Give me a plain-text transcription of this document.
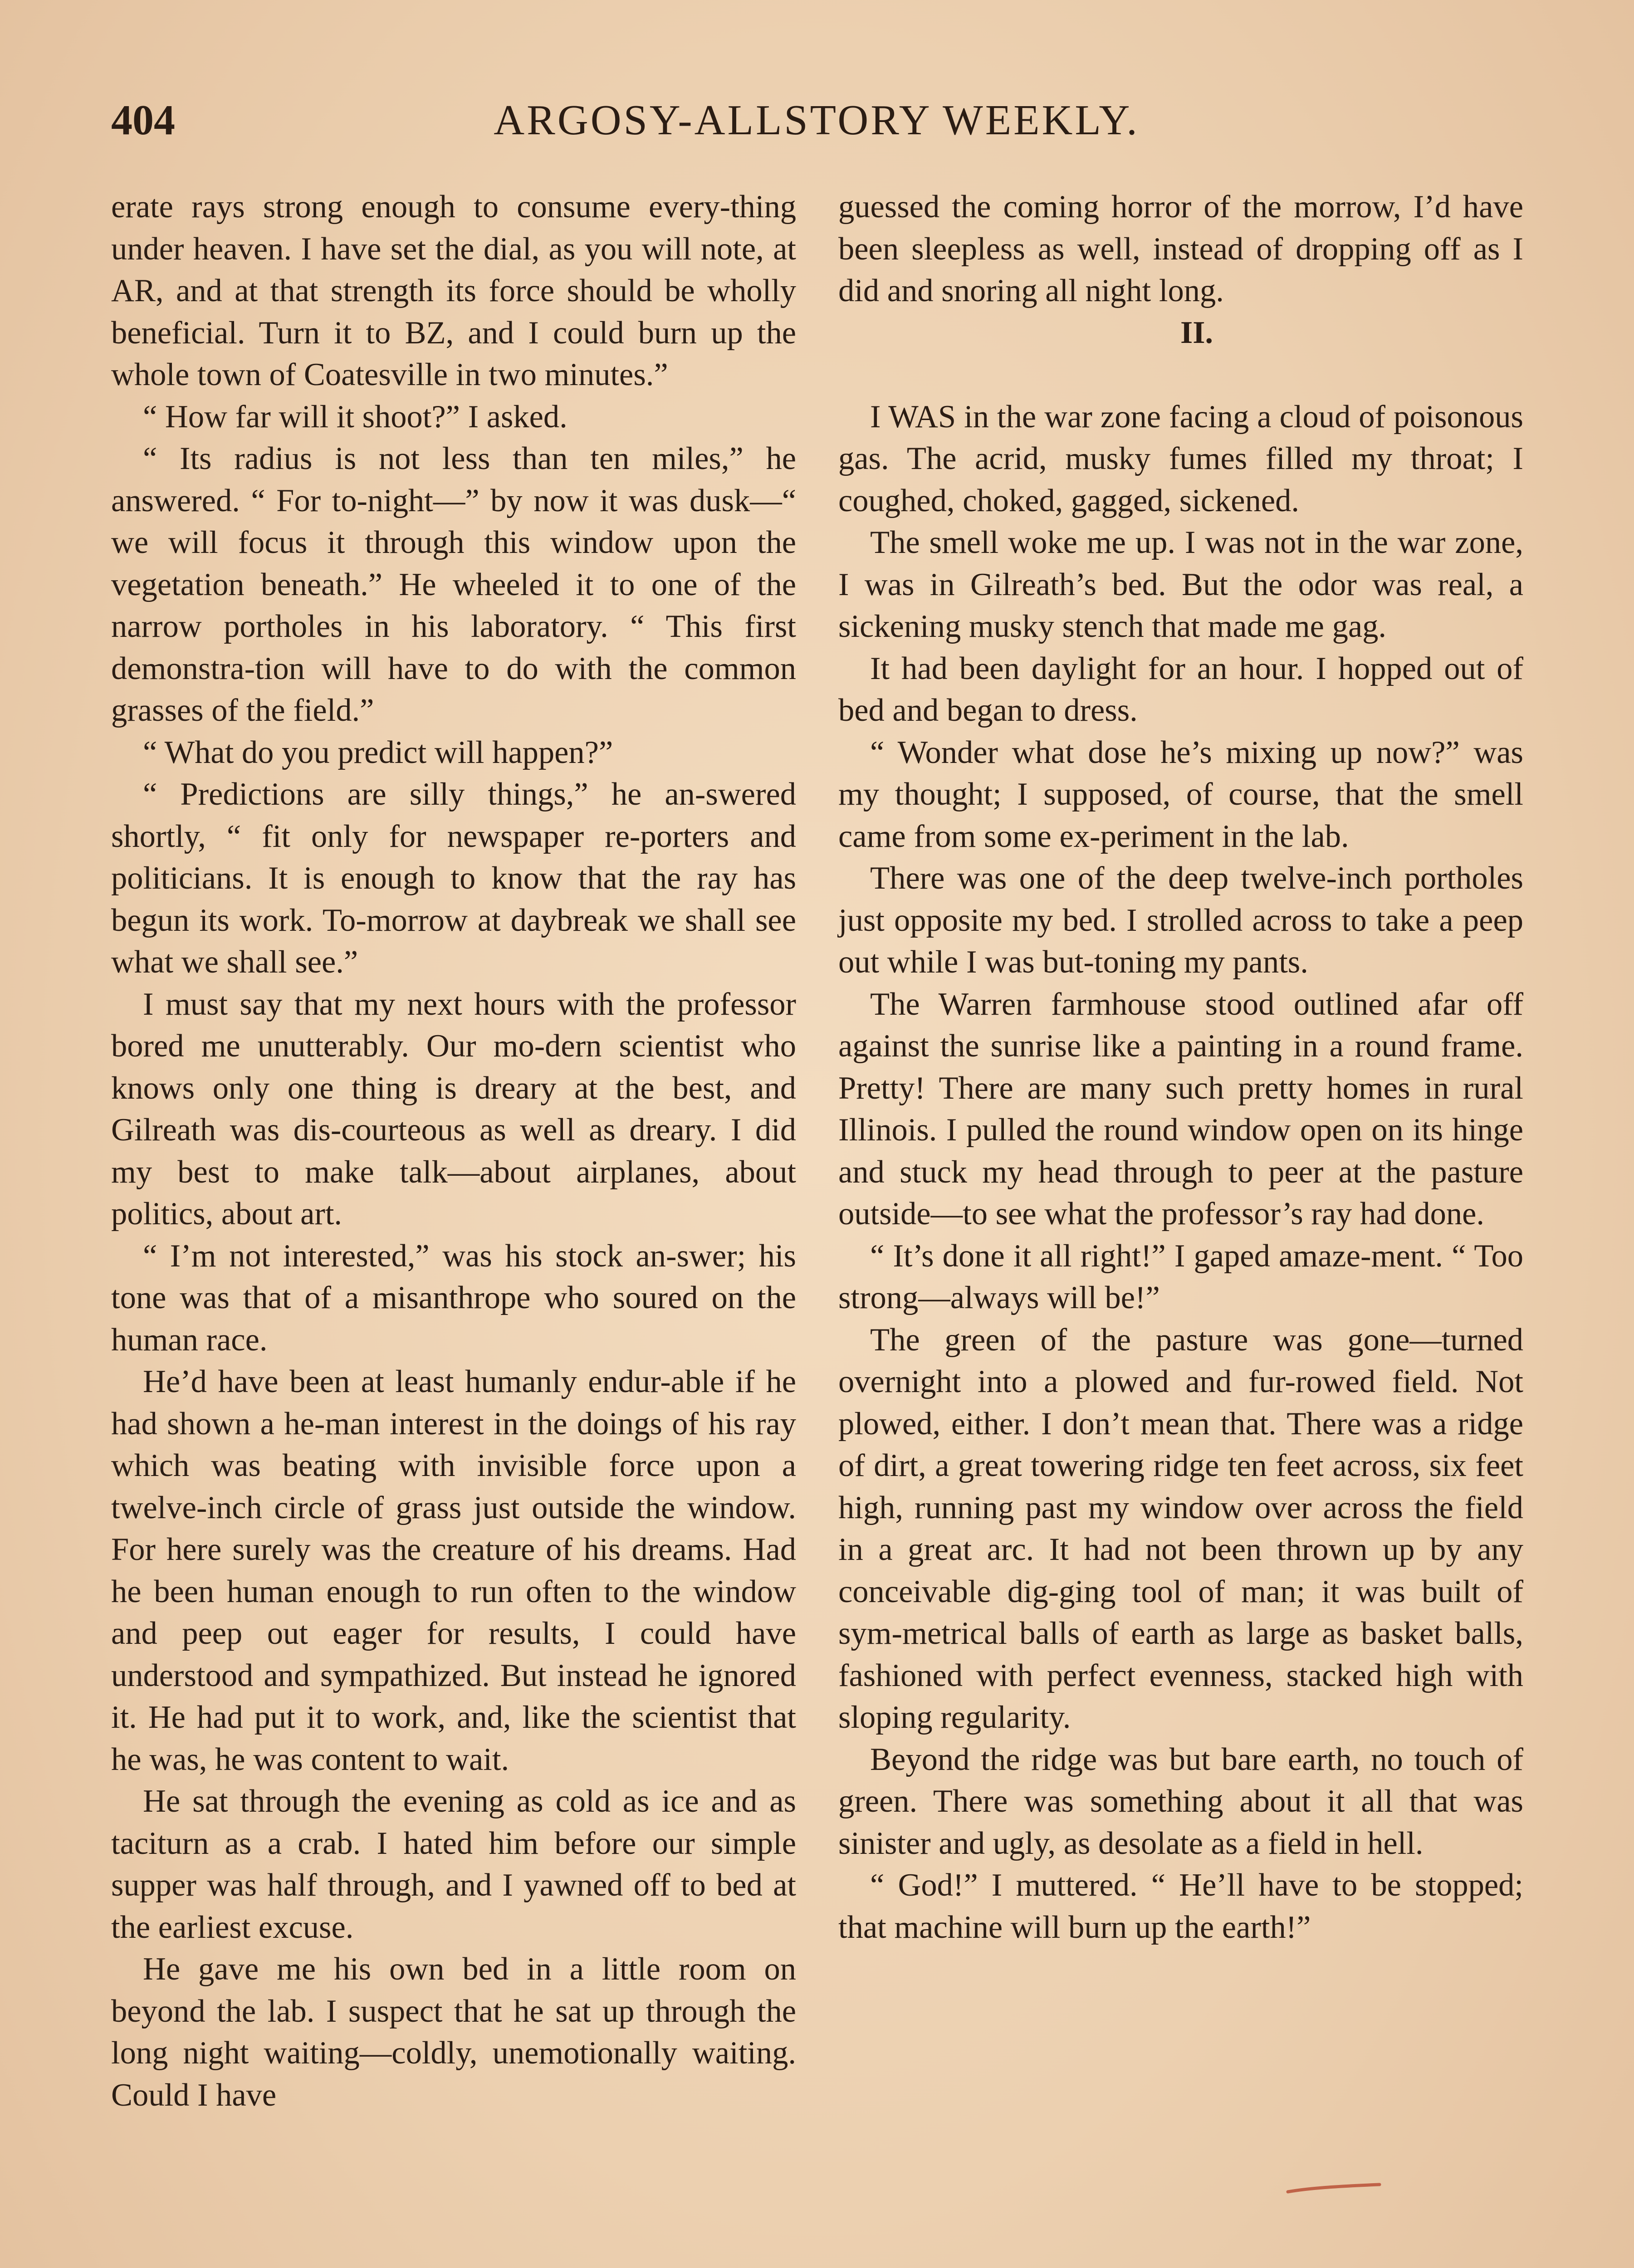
404	ARGOSY-ALLSTORY WEEKLY.

erate rays strong enough to consume every-thing under heaven. I have set the dial, as you will note, at AR, and at that strength its force should be wholly beneficial. Turn it to BZ, and I could burn up the whole town of Coatesville in two minutes.”

“ How far will it shoot?” I asked.

“ Its radius is not less than ten miles,” he answered. “ For to-night—” by now it was dusk—“ we will focus it through this window upon the vegetation beneath.” He wheeled it to one of the narrow portholes in his laboratory. “ This first demonstra-tion will have to do with the common grasses of the field.”

“ What do you predict will happen?”

“ Predictions are silly things,” he an-swered shortly, “ fit only for newspaper re-porters and politicians. It is enough to know that the ray has begun its work. To-morrow at daybreak we shall see what we shall see.”

I must say that my next hours with the professor bored me unutterably. Our mo-dern scientist who knows only one thing is dreary at the best, and Gilreath was dis-courteous as well as dreary. I did my best to make talk—about airplanes, about politics, about art.

“ I’m not interested,” was his stock an-swer; his tone was that of a misanthrope who soured on the human race.

He’d have been at least humanly endur-able if he had shown a he-man interest in the doings of his ray which was beating with invisible force upon a twelve-inch circle of grass just outside the window. For here surely was the creature of his dreams. Had he been human enough to run often to the window and peep out eager for results, I could have understood and sympathized. But instead he ignored it. He had put it to work, and, like the scientist that he was, he was content to wait.

He sat through the evening as cold as ice and as taciturn as a crab. I hated him before our simple supper was half through, and I yawned off to bed at the earliest excuse.

He gave me his own bed in a little room on beyond the lab. I suspect that he sat up through the long night waiting—coldly, unemotionally waiting. Could I have

guessed the coming horror of the morrow, I’d have been sleepless as well, instead of dropping off as I did and snoring all night long.

II.

I WAS in the war zone facing a cloud of poisonous gas. The acrid, musky fumes filled my throat; I coughed, choked, gagged, sickened.

The smell woke me up. I was not in the war zone, I was in Gilreath’s bed. But the odor was real, a sickening musky stench that made me gag.

It had been daylight for an hour. I hopped out of bed and began to dress.

“ Wonder what dose he’s mixing up now?” was my thought; I supposed, of course, that the smell came from some ex-periment in the lab.

There was one of the deep twelve-inch portholes just opposite my bed. I strolled across to take a peep out while I was but-toning my pants.

The Warren farmhouse stood outlined afar off against the sunrise like a painting in a round frame. Pretty! There are many such pretty homes in rural Illinois. I pulled the round window open on its hinge and stuck my head through to peer at the pasture outside—to see what the professor’s ray had done.

“ It’s done it all right!” I gaped amaze-ment. “ Too strong—always will be!”

The green of the pasture was gone—turned overnight into a plowed and fur-rowed field. Not plowed, either. I don’t mean that. There was a ridge of dirt, a great towering ridge ten feet across, six feet high, running past my window over across the field in a great arc. It had not been thrown up by any conceivable dig-ging tool of man; it was built of sym-metrical balls of earth as large as basket balls, fashioned with perfect evenness, stacked high with sloping regularity.

Beyond the ridge was but bare earth, no touch of green. There was something about it all that was sinister and ugly, as desolate as a field in hell.

“ God!” I muttered. “ He’ll have to be stopped; that machine will burn up the earth!”
